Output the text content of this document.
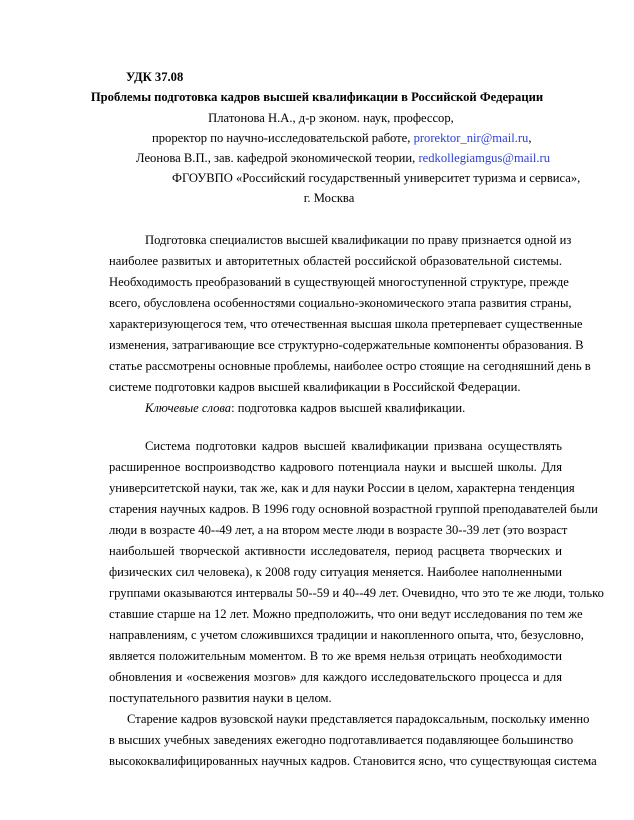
УДК 37.08
Проблемы подготовка кадров высшей квалификации в Российской Федерации
Платонова Н.А., д-р эконом. наук, профессор,
проректор по научно-исследовательской работе, prorektor_nir@mail.ru,
Леонова В.П., зав. кафедрой экономической теории, redkollegiamgus@mail.ru
ФГОУВПО «Российский государственный университет туризма и сервиса»,
г. Москва
Подготовка специалистов высшей квалификации по праву признается одной из
наиболее развитых и авторитетных областей российской образовательной системы.
Необходимость преобразований в существующей многоступенной структуре, прежде
всего, обусловлена особенностями социально-экономического этапа развития страны,
характеризующегося тем, что отечественная высшая школа претерпевает существенные
изменения, затрагивающие все структурно-содержательные компоненты образования. В
статье рассмотрены основные проблемы, наиболее остро стоящие на сегодняшний день в
системе подготовки кадров высшей квалификации в Российской Федерации.
Ключевые слова: подготовка кадров высшей квалификации.
Система подготовки кадров высшей квалификации призвана осуществлять
расширенное воспроизводство кадрового потенциала науки и высшей школы. Для
университетской науки, так же, как и для науки России в целом, характерна тенденция
старения научных кадров. В 1996 году основной возрастной группой преподавателей были
люди в возрасте 40--49 лет, а на втором месте люди в возрасте 30--39 лет (это возраст
наибольшей творческой активности исследователя, период расцвета творческих и
физических сил человека), к 2008 году ситуация меняется. Наиболее наполненными
группами оказываются интервалы 50--59 и 40--49 лет. Очевидно, что это те же люди, только
ставшие старше на 12 лет. Можно предположить, что они ведут исследования по тем же
направлениям, с учетом сложившихся традиции и накопленного опыта, что, безусловно,
является положительным моментом. В то же время нельзя отрицать необходимости
обновления и «освежения мозгов» для каждого исследовательского процесса и для
поступательного развития науки в целом.
Старение кадров вузовской науки представляется парадоксальным, поскольку именно
в высших учебных заведениях ежегодно подготавливается подавляющее большинство
высококвалифицированных научных кадров. Становится ясно, что существующая система
